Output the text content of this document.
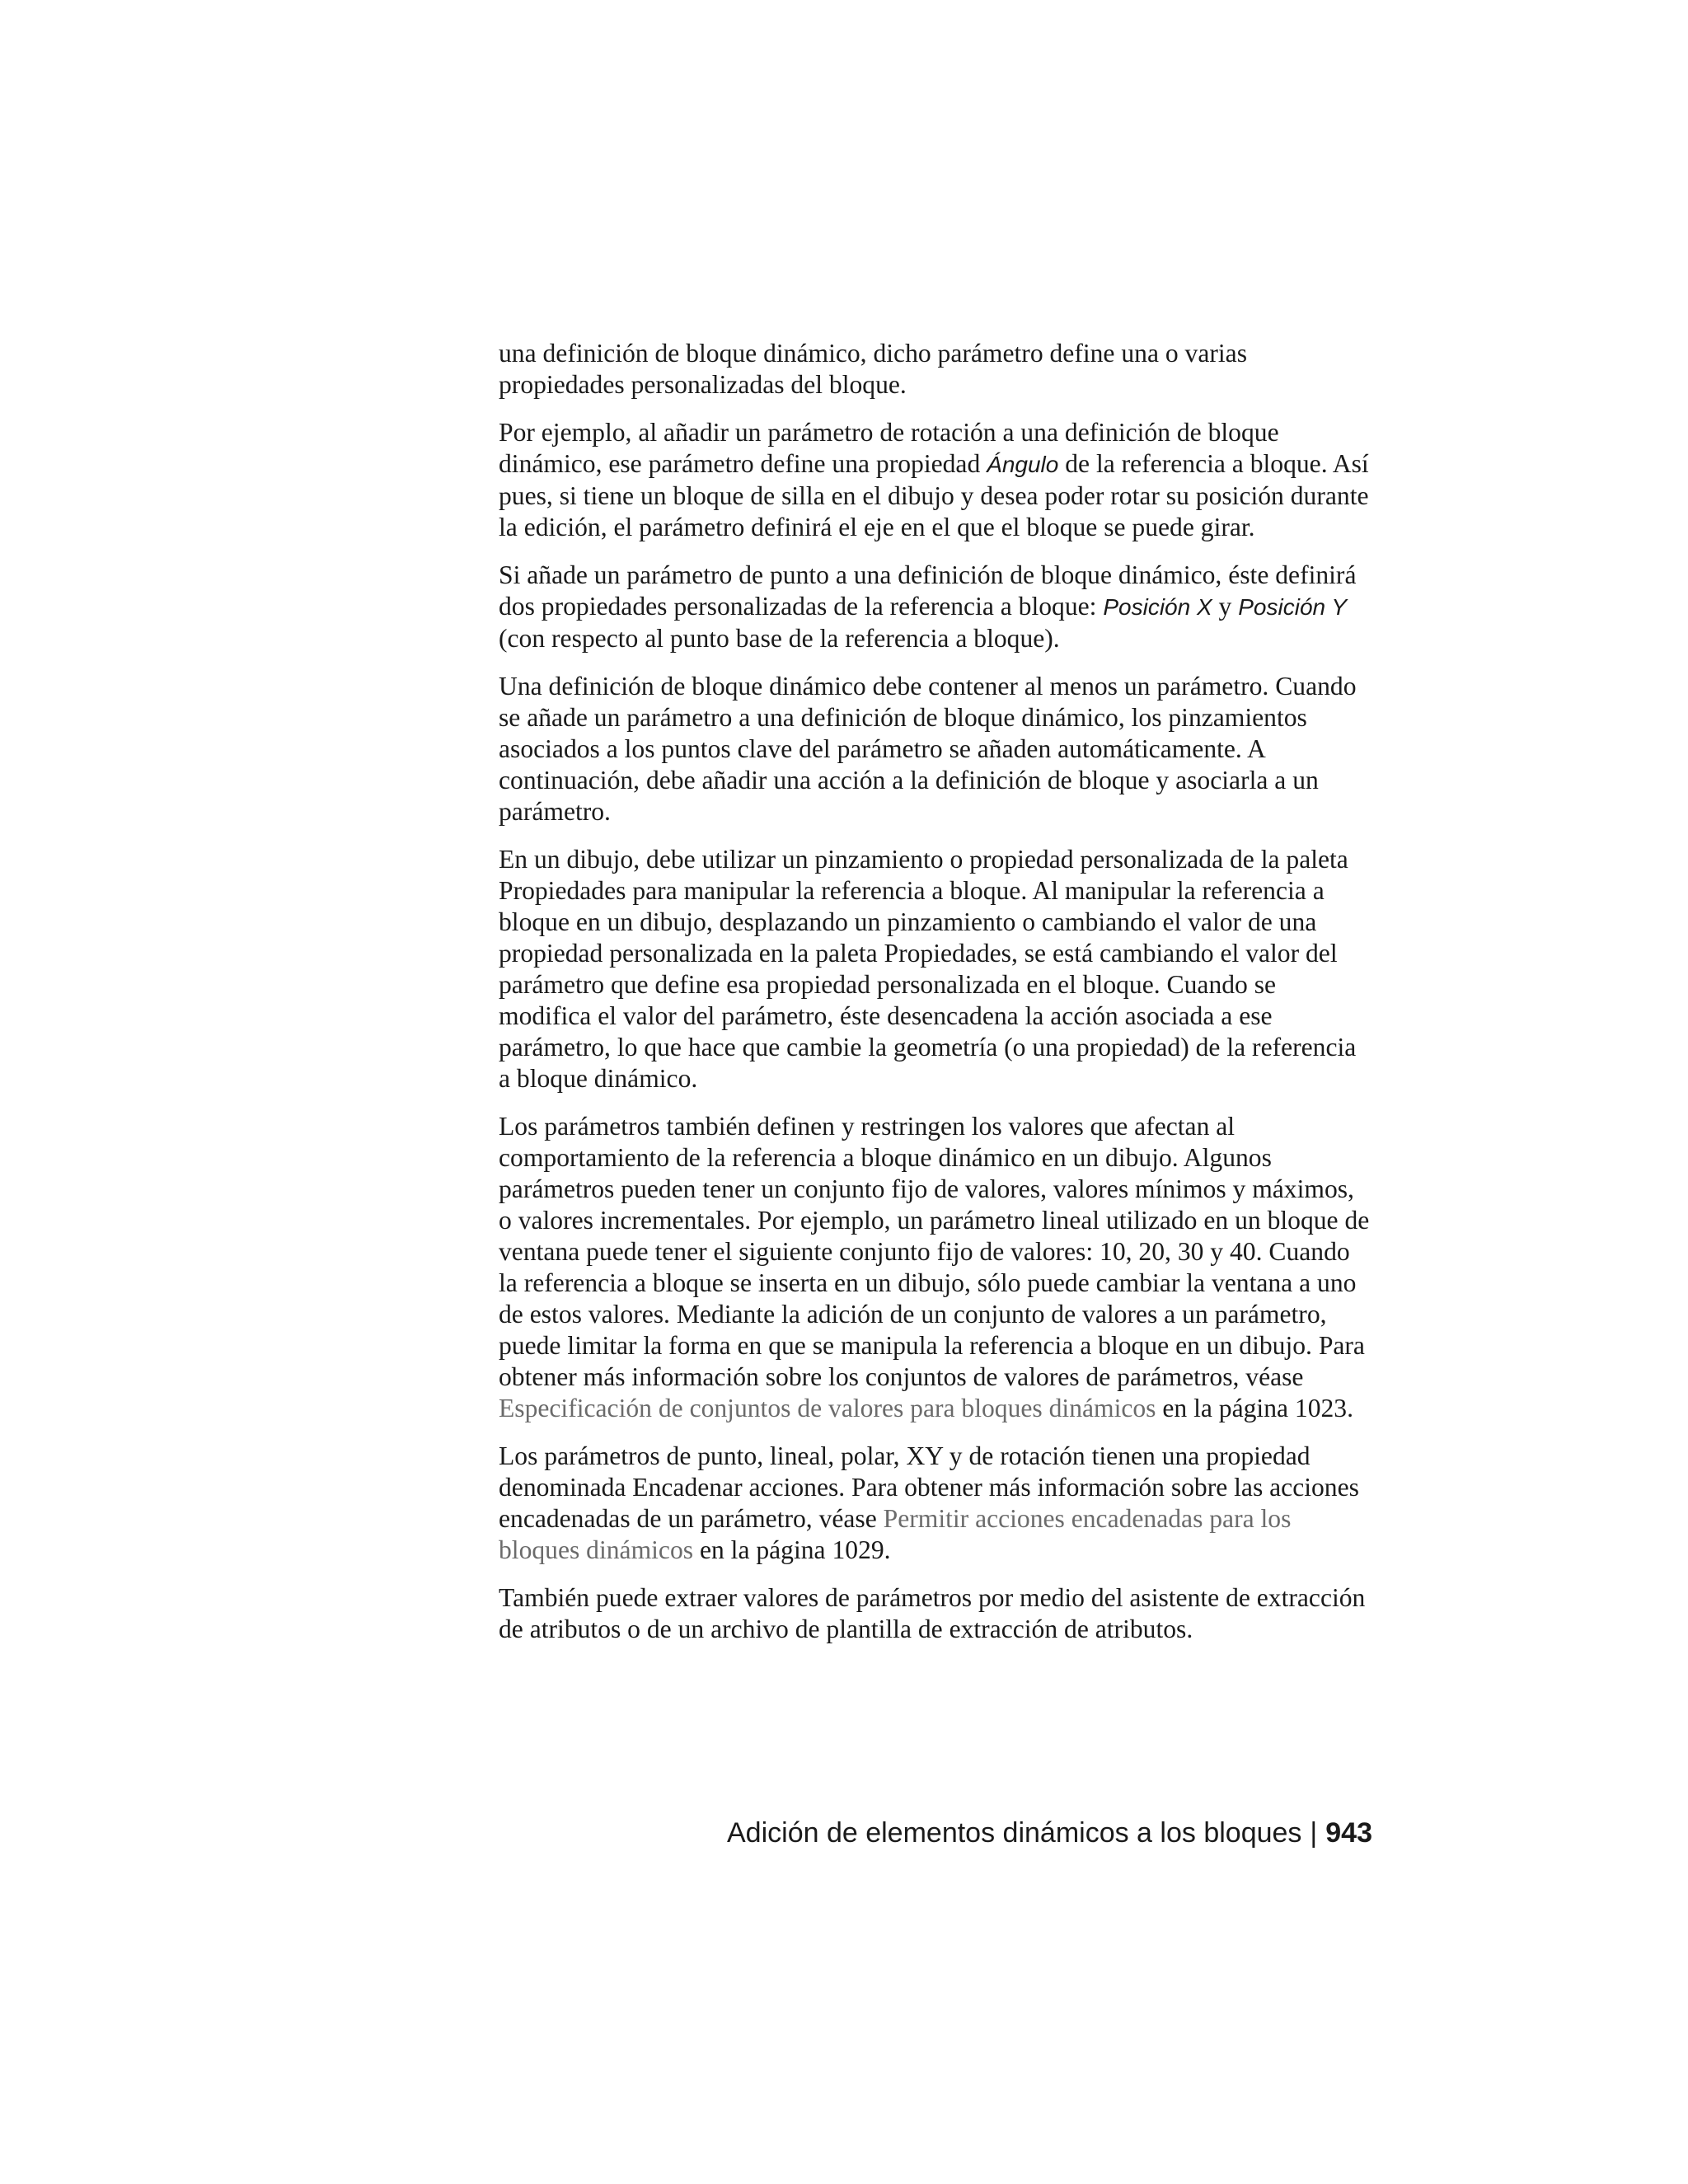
una definición de bloque dinámico, dicho parámetro define una o varias propiedades personalizadas del bloque.

Por ejemplo, al añadir un parámetro de rotación a una definición de bloque dinámico, ese parámetro define una propiedad Ángulo de la referencia a bloque. Así pues, si tiene un bloque de silla en el dibujo y desea poder rotar su posición durante la edición, el parámetro definirá el eje en el que el bloque se puede girar.

Si añade un parámetro de punto a una definición de bloque dinámico, éste definirá dos propiedades personalizadas de la referencia a bloque: Posición X y Posición Y (con respecto al punto base de la referencia a bloque).

Una definición de bloque dinámico debe contener al menos un parámetro. Cuando se añade un parámetro a una definición de bloque dinámico, los pinzamientos asociados a los puntos clave del parámetro se añaden automáticamente. A continuación, debe añadir una acción a la definición de bloque y asociarla a un parámetro.

En un dibujo, debe utilizar un pinzamiento o propiedad personalizada de la paleta Propiedades para manipular la referencia a bloque. Al manipular la referencia a bloque en un dibujo, desplazando un pinzamiento o cambiando el valor de una propiedad personalizada en la paleta Propiedades, se está cambiando el valor del parámetro que define esa propiedad personalizada en el bloque. Cuando se modifica el valor del parámetro, éste desencadena la acción asociada a ese parámetro, lo que hace que cambie la geometría (o una propiedad) de la referencia a bloque dinámico.

Los parámetros también definen y restringen los valores que afectan al comportamiento de la referencia a bloque dinámico en un dibujo. Algunos parámetros pueden tener un conjunto fijo de valores, valores mínimos y máximos, o valores incrementales. Por ejemplo, un parámetro lineal utilizado en un bloque de ventana puede tener el siguiente conjunto fijo de valores: 10, 20, 30 y 40. Cuando la referencia a bloque se inserta en un dibujo, sólo puede cambiar la ventana a uno de estos valores. Mediante la adición de un conjunto de valores a un parámetro, puede limitar la forma en que se manipula la referencia a bloque en un dibujo. Para obtener más información sobre los conjuntos de valores de parámetros, véase Especificación de conjuntos de valores para bloques dinámicos en la página 1023.

Los parámetros de punto, lineal, polar, XY y de rotación tienen una propiedad denominada Encadenar acciones. Para obtener más información sobre las acciones encadenadas de un parámetro, véase Permitir acciones encadenadas para los bloques dinámicos en la página 1029.

También puede extraer valores de parámetros por medio del asistente de extracción de atributos o de un archivo de plantilla de extracción de atributos.

Adición de elementos dinámicos a los bloques | 943
